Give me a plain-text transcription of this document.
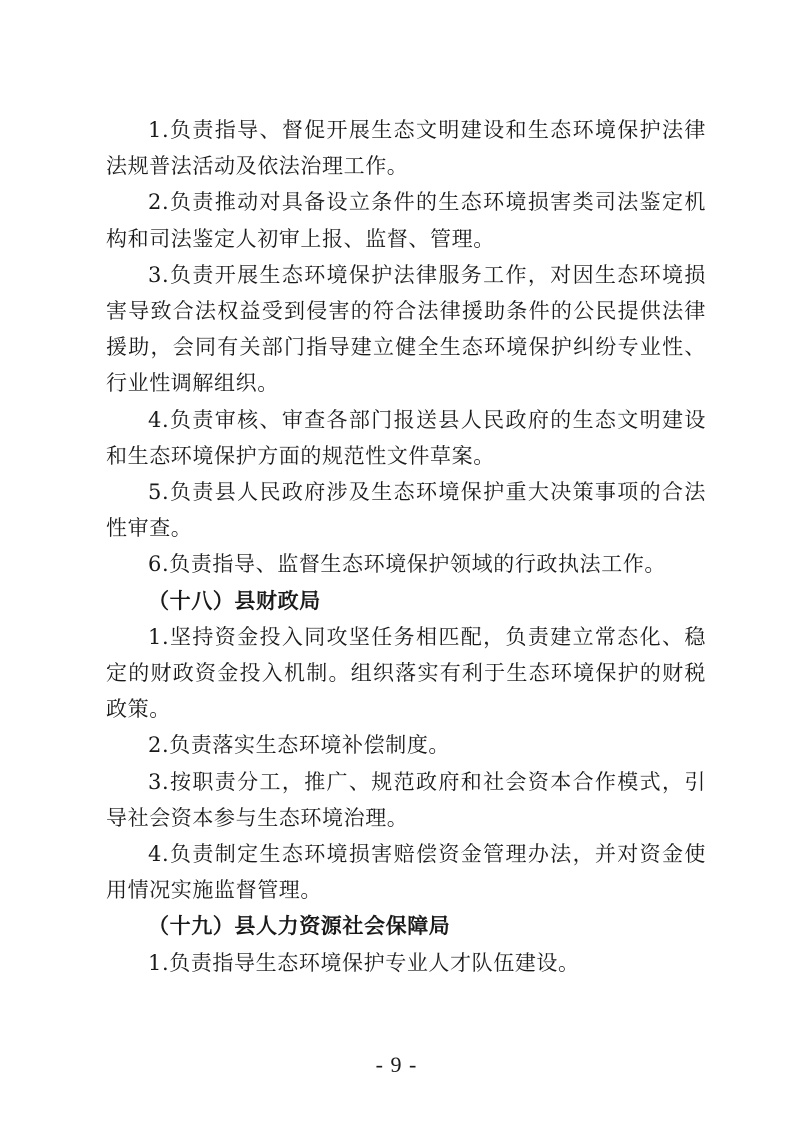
1.负责指导、督促开展生态文明建设和生态环境保护法律法规普法活动及依法治理工作。

2.负责推动对具备设立条件的生态环境损害类司法鉴定机构和司法鉴定人初审上报、监督、管理。

3.负责开展生态环境保护法律服务工作，对因生态环境损害导致合法权益受到侵害的符合法律援助条件的公民提供法律援助，会同有关部门指导建立健全生态环境保护纠纷专业性、行业性调解组织。

4.负责审核、审查各部门报送县人民政府的生态文明建设和生态环境保护方面的规范性文件草案。

5.负责县人民政府涉及生态环境保护重大决策事项的合法性审查。

6.负责指导、监督生态环境保护领域的行政执法工作。

（十八）县财政局

1.坚持资金投入同攻坚任务相匹配，负责建立常态化、稳定的财政资金投入机制。组织落实有利于生态环境保护的财税政策。

2.负责落实生态环境补偿制度。

3.按职责分工，推广、规范政府和社会资本合作模式，引导社会资本参与生态环境治理。

4.负责制定生态环境损害赔偿资金管理办法，并对资金使用情况实施监督管理。

（十九）县人力资源社会保障局

1.负责指导生态环境保护专业人才队伍建设。

- 9 -
